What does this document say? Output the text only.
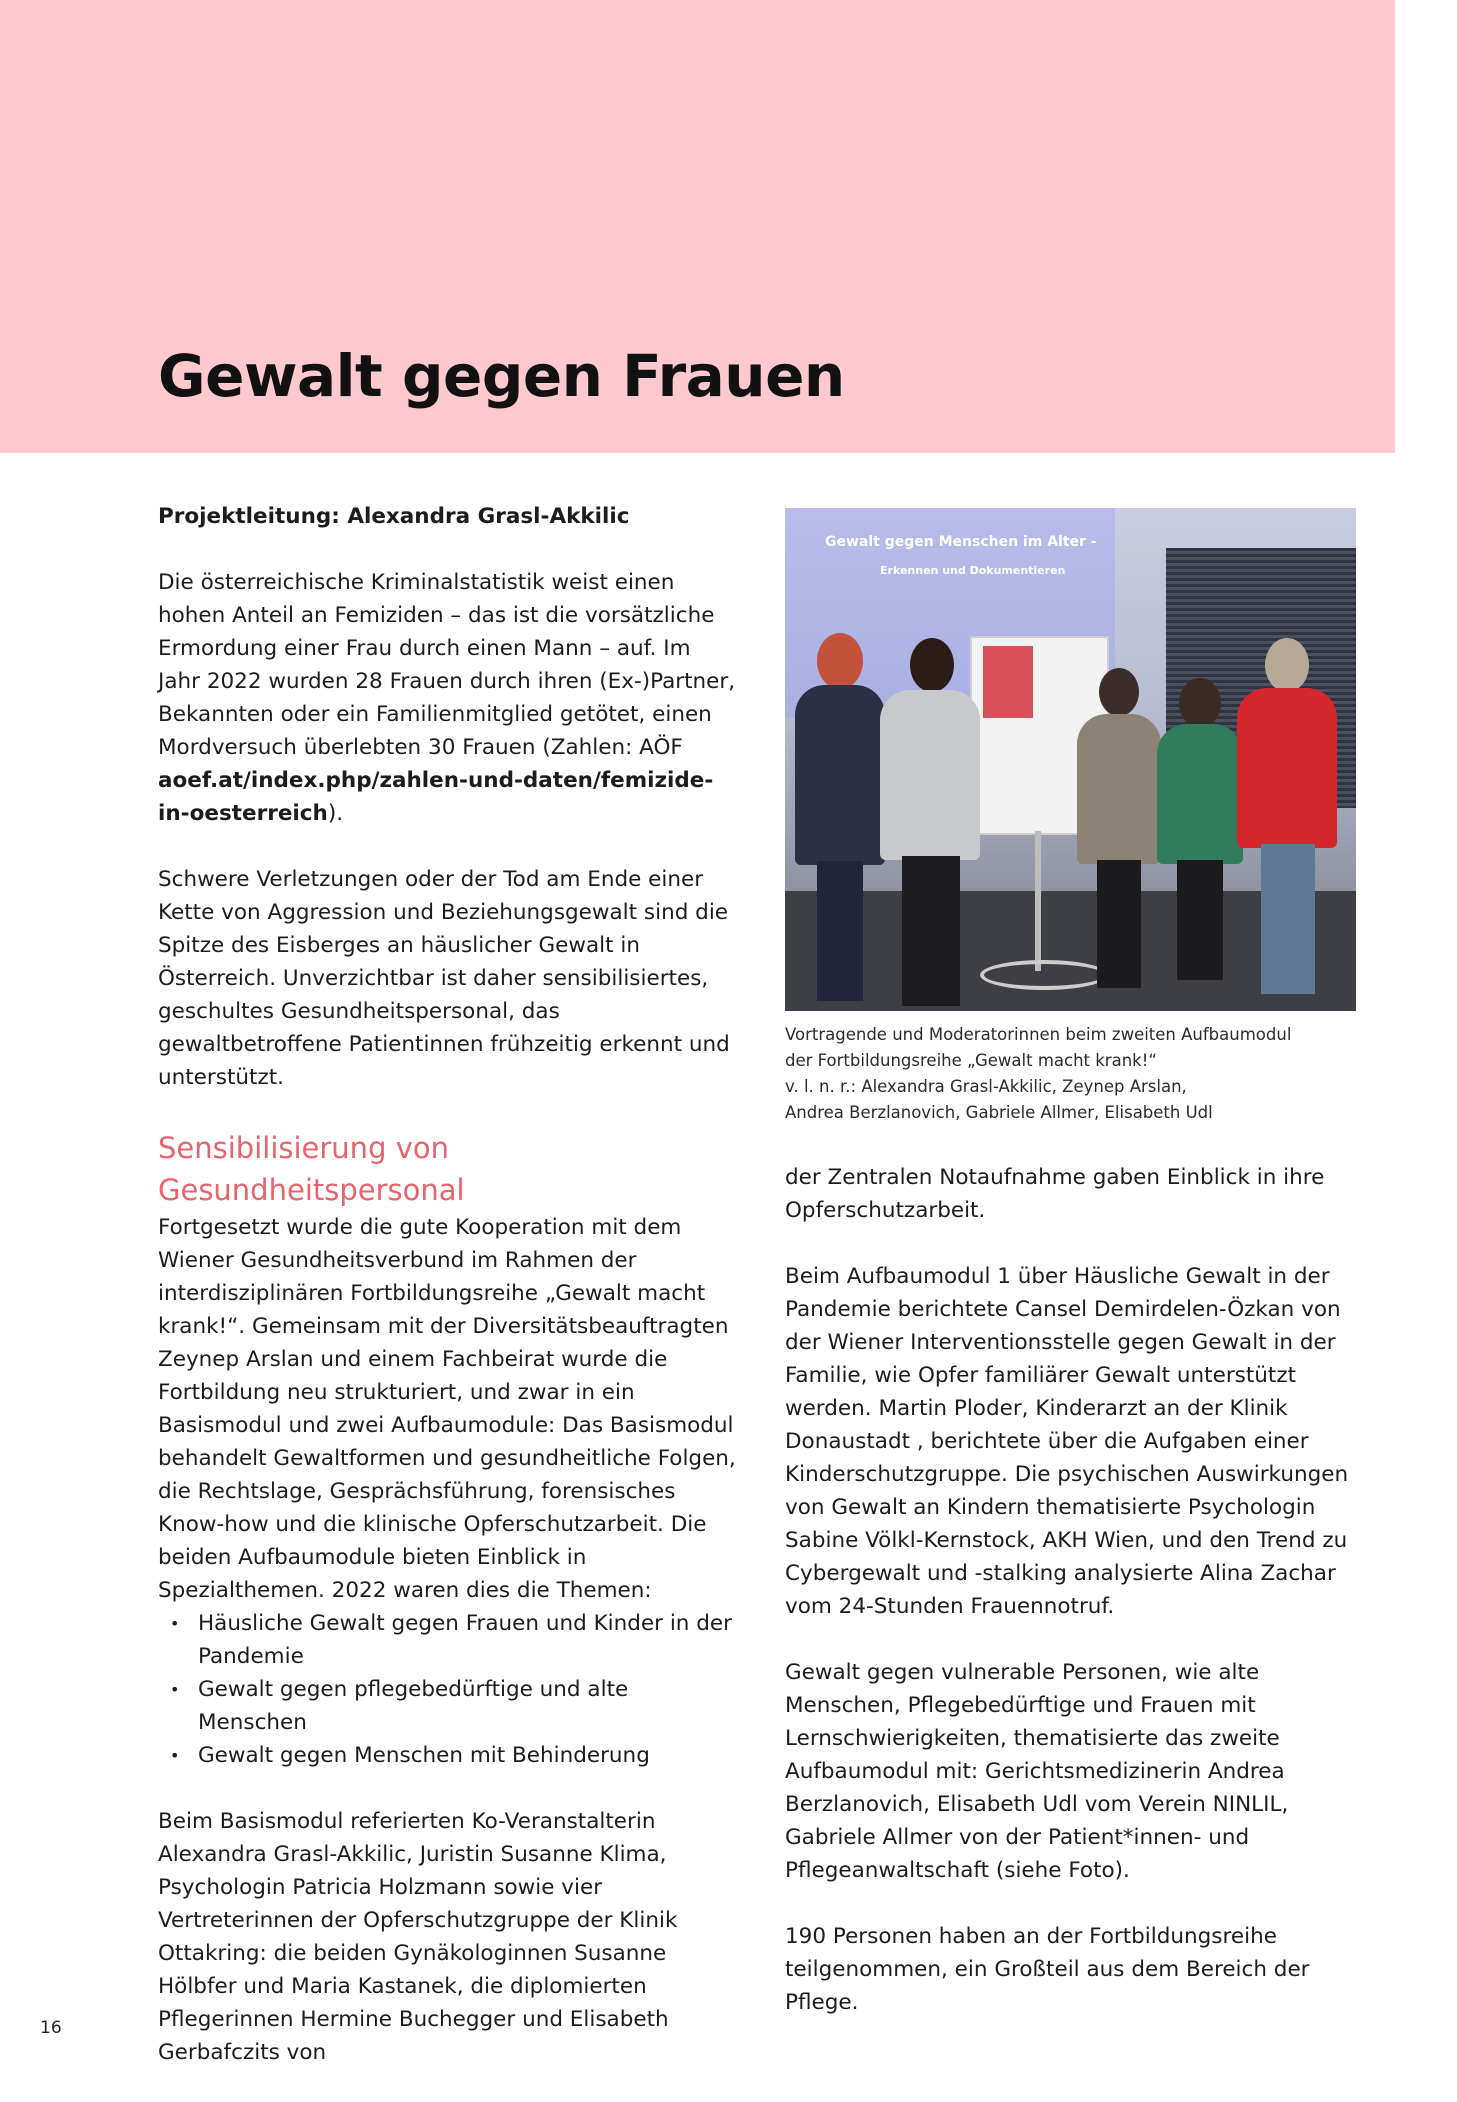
Gewalt gegen Frauen

Projektleitung: Alexandra Grasl-Akkilic

Die österreichische Kriminalstatistik weist einen hohen Anteil an Femiziden – das ist die vorsätzliche Ermordung einer Frau durch einen Mann – auf. Im Jahr 2022 wurden 28 Frauen durch ihren (Ex-)Partner, Bekannten oder ein Familienmitglied getötet, einen Mordversuch überlebten 30 Frauen (Zahlen: AÖF aoef.at/index.php/zahlen-und-daten/femizide-in-oesterreich).

Schwere Verletzungen oder der Tod am Ende einer Kette von Aggression und Beziehungsgewalt sind die Spitze des Eisberges an häuslicher Gewalt in Österreich. Unverzichtbar ist daher sensibilisiertes, geschultes Gesundheitspersonal, das gewaltbetroffene Patientinnen frühzeitig erkennt und unterstützt.

Sensibilisierung von Gesundheitspersonal

Fortgesetzt wurde die gute Kooperation mit dem Wiener Gesundheitsverbund im Rahmen der interdisziplinären Fortbildungsreihe „Gewalt macht krank!“. Gemeinsam mit der Diversitätsbeauftragten Zeynep Arslan und einem Fachbeirat wurde die Fortbildung neu strukturiert, und zwar in ein Basismodul und zwei Aufbaumodule: Das Basismodul behandelt Gewaltformen und gesundheitliche Folgen, die Rechtslage, Gesprächsführung, forensisches Know-how und die klinische Opferschutzarbeit. Die beiden Aufbaumodule bieten Einblick in Spezialthemen. 2022 waren dies die Themen:

• Häusliche Gewalt gegen Frauen und Kinder in der Pandemie
• Gewalt gegen pflegebedürftige und alte Menschen
• Gewalt gegen Menschen mit Behinderung

Beim Basismodul referierten Ko-Veranstalterin Alexandra Grasl-Akkilic, Juristin Susanne Klima, Psychologin Patricia Holzmann sowie vier Vertreterinnen der Opferschutzgruppe der Klinik Ottakring: die beiden Gynäkologinnen Susanne Hölbfer und Maria Kastanek, die diplomierten Pflegerinnen Hermine Buchegger und Elisabeth Gerbafczits von

Gewalt gegen Menschen im Alter -
Erkennen und Dokumentieren
Vortragende und Moderatorinnen beim zweiten Aufbaumodul
der Fortbildungsreihe „Gewalt macht krank!“
v. l. n. r.: Alexandra Grasl-Akkilic, Zeynep Arslan,
Andrea Berzlanovich, Gabriele Allmer, Elisabeth Udl

der Zentralen Notaufnahme gaben Einblick in ihre Opferschutzarbeit.

Beim Aufbaumodul 1 über Häusliche Gewalt in der Pandemie berichtete Cansel Demirdelen-Özkan von der Wiener Interventionsstelle gegen Gewalt in der Familie, wie Opfer familiärer Gewalt unterstützt werden. Martin Ploder, Kinderarzt an der Klinik Donaustadt , berichtete über die Aufgaben einer Kinderschutzgruppe. Die psychischen Auswirkungen von Gewalt an Kindern thematisierte Psychologin Sabine Völkl-Kernstock, AKH Wien, und den Trend zu Cybergewalt und -stalking analysierte Alina Zachar vom 24-Stunden Frauennotruf.

Gewalt gegen vulnerable Personen, wie alte Menschen, Pflegebedürftige und Frauen mit Lernschwierigkeiten, thematisierte das zweite Aufbaumodul mit: Gerichtsmedizinerin Andrea Berzlanovich, Elisabeth Udl vom Verein NINLIL, Gabriele Allmer von der Patient*innen- und Pflegeanwaltschaft (siehe Foto).

190 Personen haben an der Fortbildungsreihe teilgenommen, ein Großteil aus dem Bereich der Pflege.

16
